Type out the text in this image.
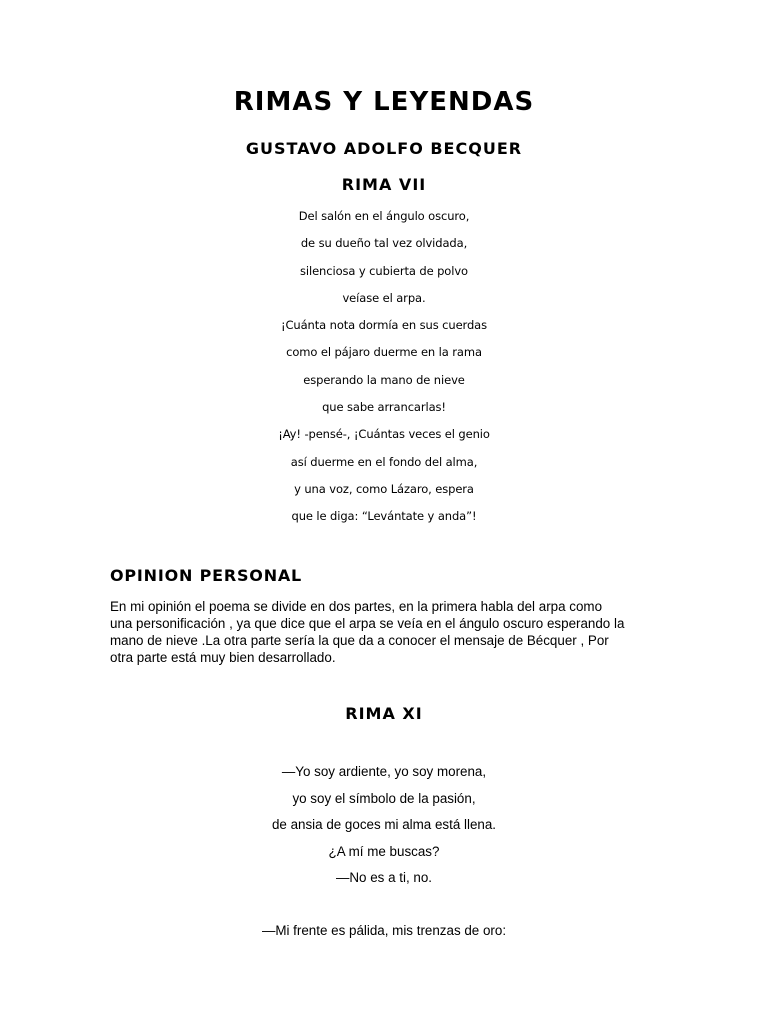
RIMAS Y LEYENDAS
GUSTAVO ADOLFO BECQUER
RIMA VII
Del salón en el ángulo oscuro,
de su dueño tal vez olvidada,
silenciosa y cubierta de polvo
veíase el arpa.
¡Cuánta nota dormía en sus cuerdas
como el pájaro duerme en la rama
esperando la mano de nieve
que sabe arrancarlas!
¡Ay! -pensé-, ¡Cuántas veces el genio
así duerme en el fondo del alma,
y una voz, como Lázaro, espera
que le diga: “Levántate y anda”!
OPINION PERSONAL
En mi opinión el poema se divide en dos partes, en la primera habla del arpa como
una personificación , ya que dice que el arpa se veía en el ángulo oscuro esperando la
mano de nieve .La otra parte sería la que da a conocer el mensaje de Bécquer , Por
otra parte está muy bien desarrollado.
RIMA XI
—Yo soy ardiente, yo soy morena,
yo soy el símbolo de la pasión,
de ansia de goces mi alma está llena.
¿A mí me buscas?
—No es a ti, no.
—Mi frente es pálida, mis trenzas de oro:
